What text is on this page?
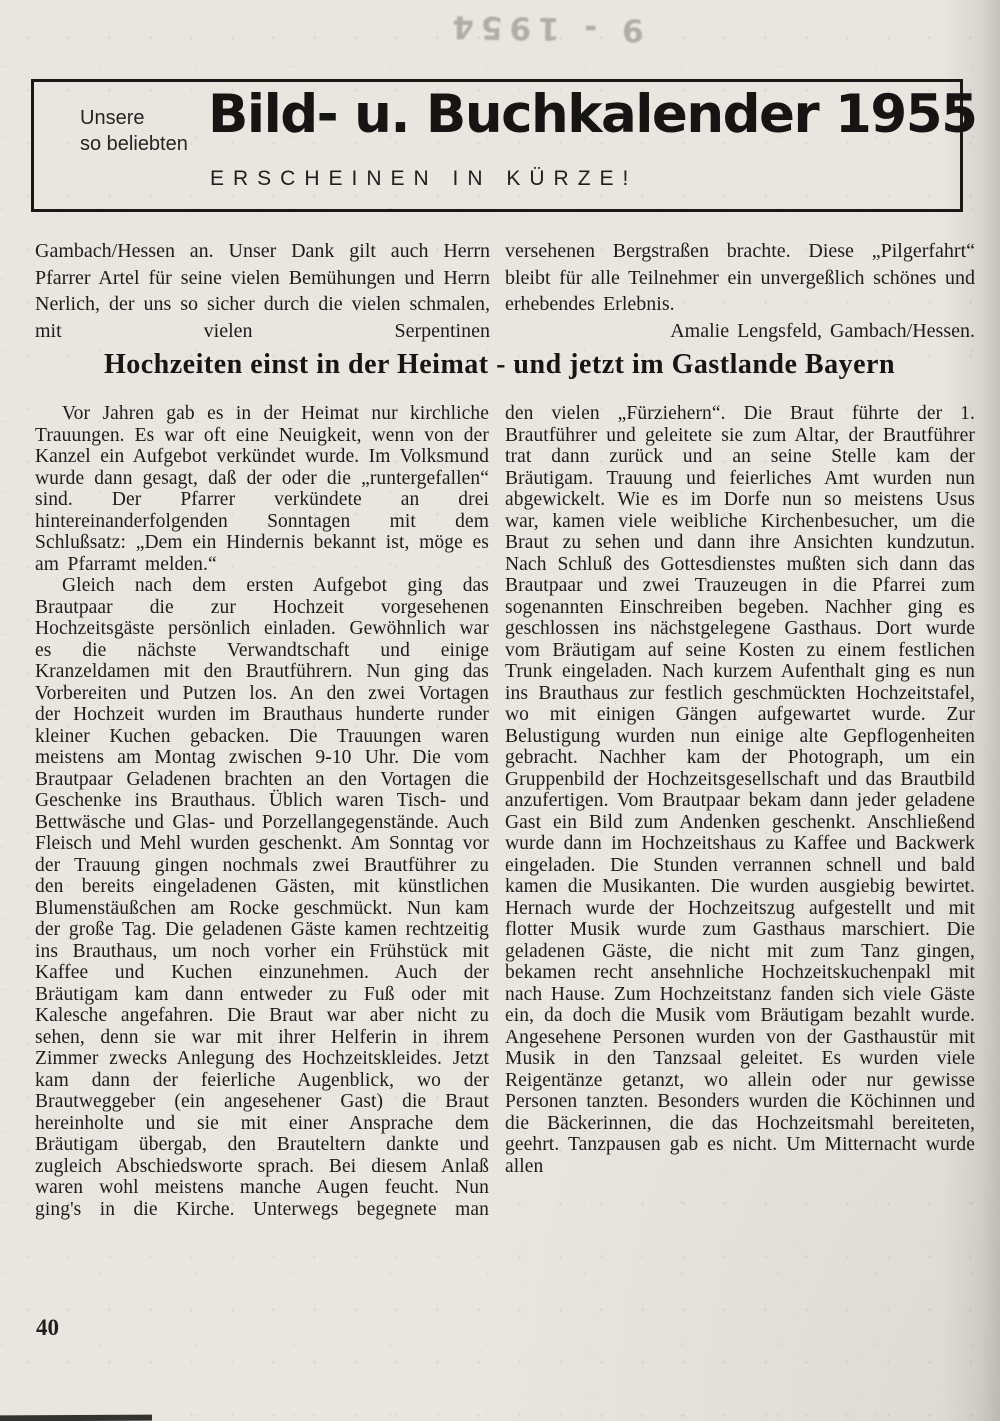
9 - 1954
Unsere
so beliebten Bild- u. Buchkalender 1955
ERSCHEINEN IN KÜRZE!

Gambach/Hessen an. Unser Dank gilt auch Herrn Pfarrer Artel für seine vielen Bemühungen und Herrn Nerlich, der uns so sicher durch die vielen schmalen, mit vielen Serpentinen

versehenen Bergstraßen brachte. Diese „Pilgerfahrt“ bleibt für alle Teilnehmer ein unvergeßlich schönes und erhebendes Erlebnis.

Amalie Lengsfeld, Gambach/Hessen.

Hochzeiten einst in der Heimat - und jetzt im Gastlande Bayern

Vor Jahren gab es in der Heimat nur kirchliche Trauungen. Es war oft eine Neuigkeit, wenn von der Kanzel ein Aufgebot verkündet wurde. Im Volksmund wurde dann gesagt, daß der oder die „runtergefallen“ sind. Der Pfarrer verkündete an drei hintereinanderfolgenden Sonntagen mit dem Schlußsatz: „Dem ein Hindernis bekannt ist, möge es am Pfarramt melden.“

Gleich nach dem ersten Aufgebot ging das Brautpaar die zur Hochzeit vorgesehenen Hochzeitsgäste persönlich einladen. Gewöhnlich war es die nächste Verwandtschaft und einige Kranzeldamen mit den Brautführern. Nun ging das Vorbereiten und Putzen los. An den zwei Vortagen der Hochzeit wurden im Brauthaus hunderte runder kleiner Kuchen gebacken. Die Trauungen waren meistens am Montag zwischen 9-10 Uhr. Die vom Brautpaar Geladenen brachten an den Vortagen die Geschenke ins Brauthaus. Üblich waren Tisch- und Bettwäsche und Glas- und Porzellangegenstände. Auch Fleisch und Mehl wurden geschenkt. Am Sonntag vor der Trauung gingen nochmals zwei Brautführer zu den bereits eingeladenen Gästen, mit künstlichen Blumenstäußchen am Rocke geschmückt. Nun kam der große Tag. Die geladenen Gäste kamen rechtzeitig ins Brauthaus, um noch vorher ein Frühstück mit Kaffee und Kuchen einzunehmen. Auch der Bräutigam kam dann entweder zu Fuß oder mit Kalesche angefahren. Die Braut war aber nicht zu sehen, denn sie war mit ihrer Helferin in ihrem Zimmer zwecks Anlegung des Hochzeitskleides. Jetzt kam dann der feierliche Augenblick, wo der Brautweggeber (ein angesehener Gast) die Braut hereinholte und sie mit einer Ansprache dem Bräutigam übergab, den Brauteltern dankte und zugleich Abschiedsworte sprach. Bei diesem Anlaß waren wohl meistens manche Augen feucht. Nun ging's in die Kirche. Unterwegs begegnete man

den vielen „Fürziehern“. Die Braut führte der 1. Brautführer und geleitete sie zum Altar, der Brautführer trat dann zurück und an seine Stelle kam der Bräutigam. Trauung und feierliches Amt wurden nun abgewickelt. Wie es im Dorfe nun so meistens Usus war, kamen viele weibliche Kirchenbesucher, um die Braut zu sehen und dann ihre Ansichten kundzutun. Nach Schluß des Gottesdienstes mußten sich dann das Brautpaar und zwei Trauzeugen in die Pfarrei zum sogenannten Einschreiben begeben. Nachher ging es geschlossen ins nächstgelegene Gasthaus. Dort wurde vom Bräutigam auf seine Kosten zu einem festlichen Trunk eingeladen. Nach kurzem Aufenthalt ging es nun ins Brauthaus zur festlich geschmückten Hochzeitstafel, wo mit einigen Gängen aufgewartet wurde. Zur Belustigung wurden nun einige alte Gepflogenheiten gebracht. Nachher kam der Photograph, um ein Gruppenbild der Hochzeitsgesellschaft und das Brautbild anzufertigen. Vom Brautpaar bekam dann jeder geladene Gast ein Bild zum Andenken geschenkt. Anschließend wurde dann im Hochzeitshaus zu Kaffee und Backwerk eingeladen. Die Stunden verrannen schnell und bald kamen die Musikanten. Die wurden ausgiebig bewirtet. Hernach wurde der Hochzeitszug aufgestellt und mit flotter Musik wurde zum Gasthaus marschiert. Die geladenen Gäste, die nicht mit zum Tanz gingen, bekamen recht ansehnliche Hochzeitskuchenpakl mit nach Hause. Zum Hochzeitstanz fanden sich viele Gäste ein, da doch die Musik vom Bräutigam bezahlt wurde. Angesehene Personen wurden von der Gasthaustür mit Musik in den Tanzsaal geleitet. Es wurden viele Reigentänze getanzt, wo allein oder nur gewisse Personen tanzten. Besonders wurden die Köchinnen und die Bäckerinnen, die das Hochzeitsmahl bereiteten, geehrt. Tanzpausen gab es nicht. Um Mitternacht wurde allen

40
